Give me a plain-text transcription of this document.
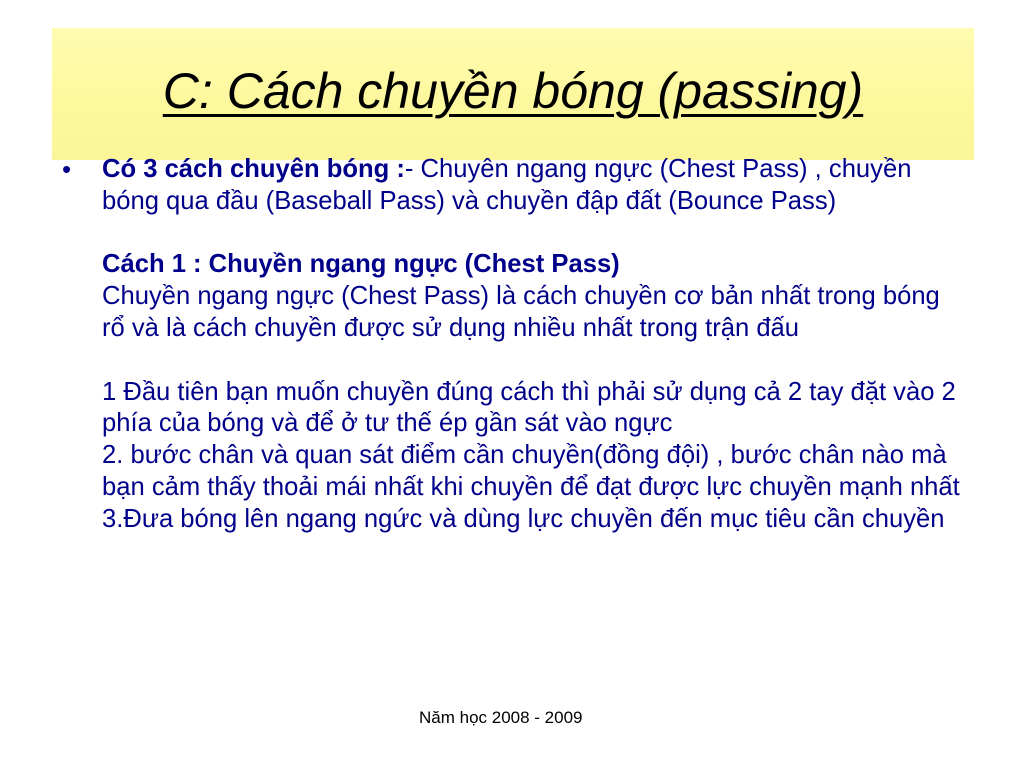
C: Cách chuyền bóng (passing)
•	Có 3 cách chuyên bóng :- Chuyên ngang ngực (Chest Pass) , chuyền bóng qua đầu (Baseball Pass) và chuyền đập đất (Bounce Pass)

Cách 1 : Chuyền ngang ngực (Chest Pass)

Chuyền ngang ngực (Chest Pass) là cách chuyền cơ bản nhất trong bóng rổ và là cách chuyền được sử dụng nhiều nhất trong trận đấu

1 Đầu tiên bạn muốn chuyền đúng cách thì phải sử dụng cả 2 tay đặt vào 2 phía của bóng và để ở tư thế ép gần sát vào ngực

2. bước chân và quan sát điểm cần chuyền(đồng đội) , bước chân nào mà bạn cảm thấy thoải mái nhất khi chuyền để đạt được lực chuyền mạnh nhất

3.Đưa bóng lên ngang ngức và dùng lực chuyền đến mục tiêu cần chuyền

Năm học 2008 - 2009
